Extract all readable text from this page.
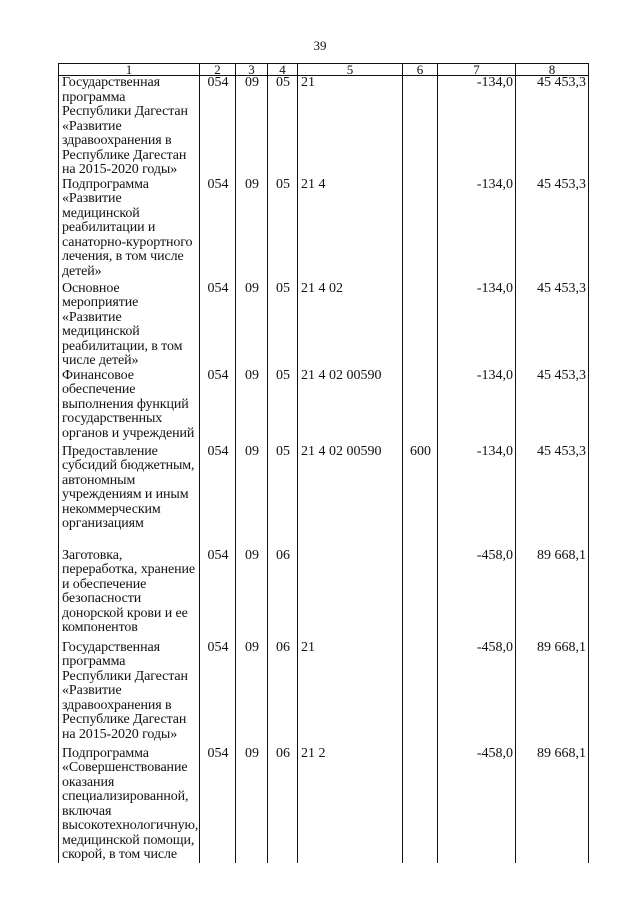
39
1	2	3	4	5	6	7	8

Государственная программа Республики Дагестан «Развитие здравоохранения в Республике Дагестан на 2015-2020 годы»	054	09	05	21		-134,0	45 453,3

Подпрограмма «Развитие медицинской реабилитации и санаторно-курортного лечения, в том числе детей»	054	09	05	21 4		-134,0	45 453,3

Основное мероприятие «Развитие медицинской реабилитации, в том числе детей»	054	09	05	21 4 02		-134,0	45 453,3

Финансовое обеспечение выполнения функций государственных органов и учреждений	054	09	05	21 4 02 00590		-134,0	45 453,3

Предоставление субсидий бюджетным, автономным учреждениям и иным некоммерческим организациям	054	09	05	21 4 02 00590	600	-134,0	45 453,3

Заготовка, переработка, хранение и обеспечение безопасности донорской крови и ее компонентов	054	09	06			-458,0	89 668,1

Государственная программа Республики Дагестан «Развитие здравоохранения в Республике Дагестан на 2015-2020 годы»	054	09	06	21		-458,0	89 668,1

Подпрограмма «Совершенствование оказания специализированной, включая высокотехнологичную, медицинской помощи, скорой, в том числе	054	09	06	21 2		-458,0	89 668,1
